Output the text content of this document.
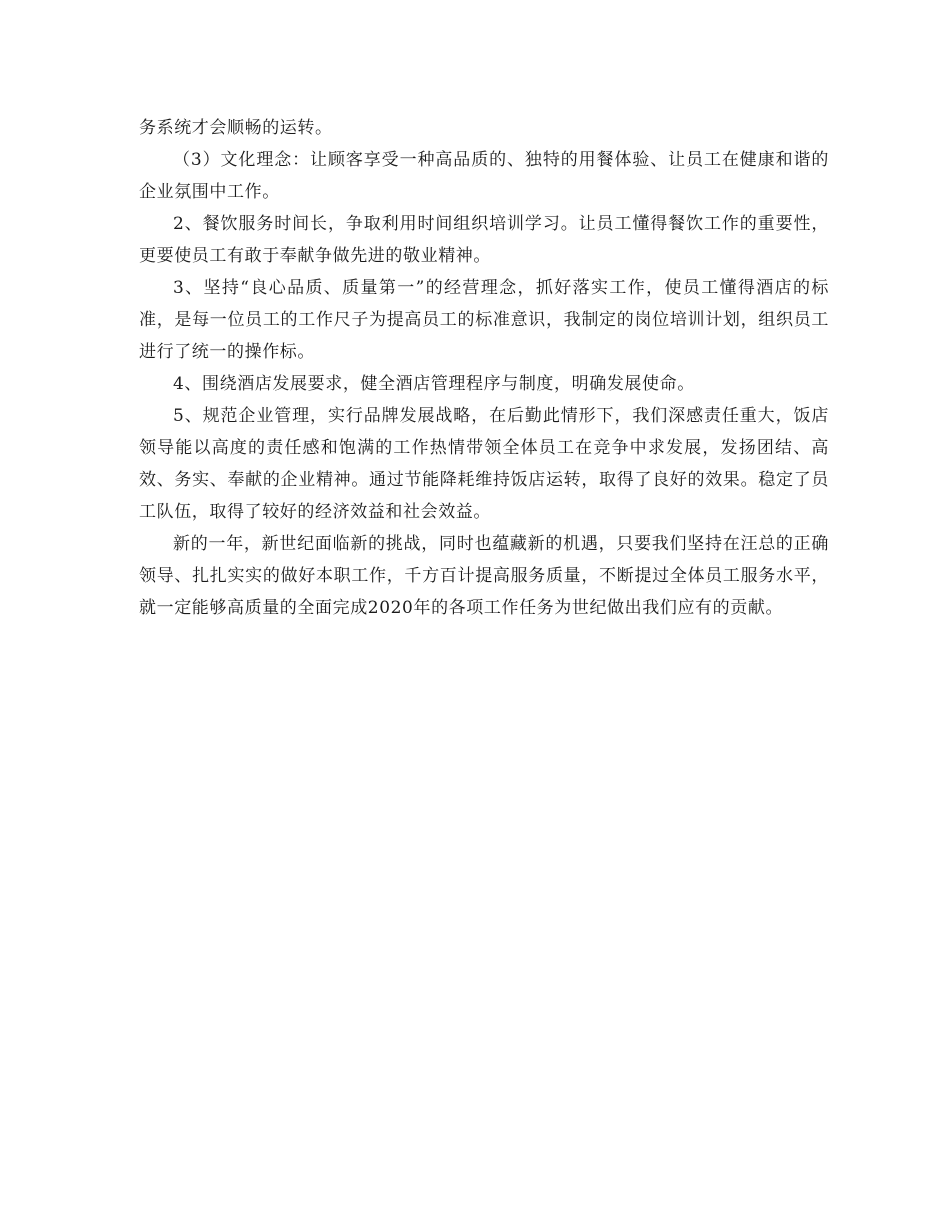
务系统才会顺畅的运转。

（3）文化理念：让顾客享受一种高品质的、独特的用餐体验、让员工在健康和谐的企业氛围中工作。

2、餐饮服务时间长，争取利用时间组织培训学习。让员工懂得餐饮工作的重要性，更要使员工有敢于奉献争做先进的敬业精神。

3、坚持“良心品质、质量第一”的经营理念，抓好落实工作，使员工懂得酒店的标准，是每一位员工的工作尺子为提高员工的标准意识，我制定的岗位培训计划，组织员工进行了统一的操作标。

4、围绕酒店发展要求，健全酒店管理程序与制度，明确发展使命。

5、规范企业管理，实行品牌发展战略，在后勤此情形下，我们深感责任重大，饭店领导能以高度的责任感和饱满的工作热情带领全体员工在竞争中求发展，发扬团结、高效、务实、奉献的企业精神。通过节能降耗维持饭店运转，取得了良好的效果。稳定了员工队伍，取得了较好的经济效益和社会效益。

新的一年，新世纪面临新的挑战，同时也蕴藏新的机遇，只要我们坚持在汪总的正确领导、扎扎实实的做好本职工作，千方百计提高服务质量，不断提过全体员工服务水平，就一定能够高质量的全面完成2020年的各项工作任务为世纪做出我们应有的贡献。
